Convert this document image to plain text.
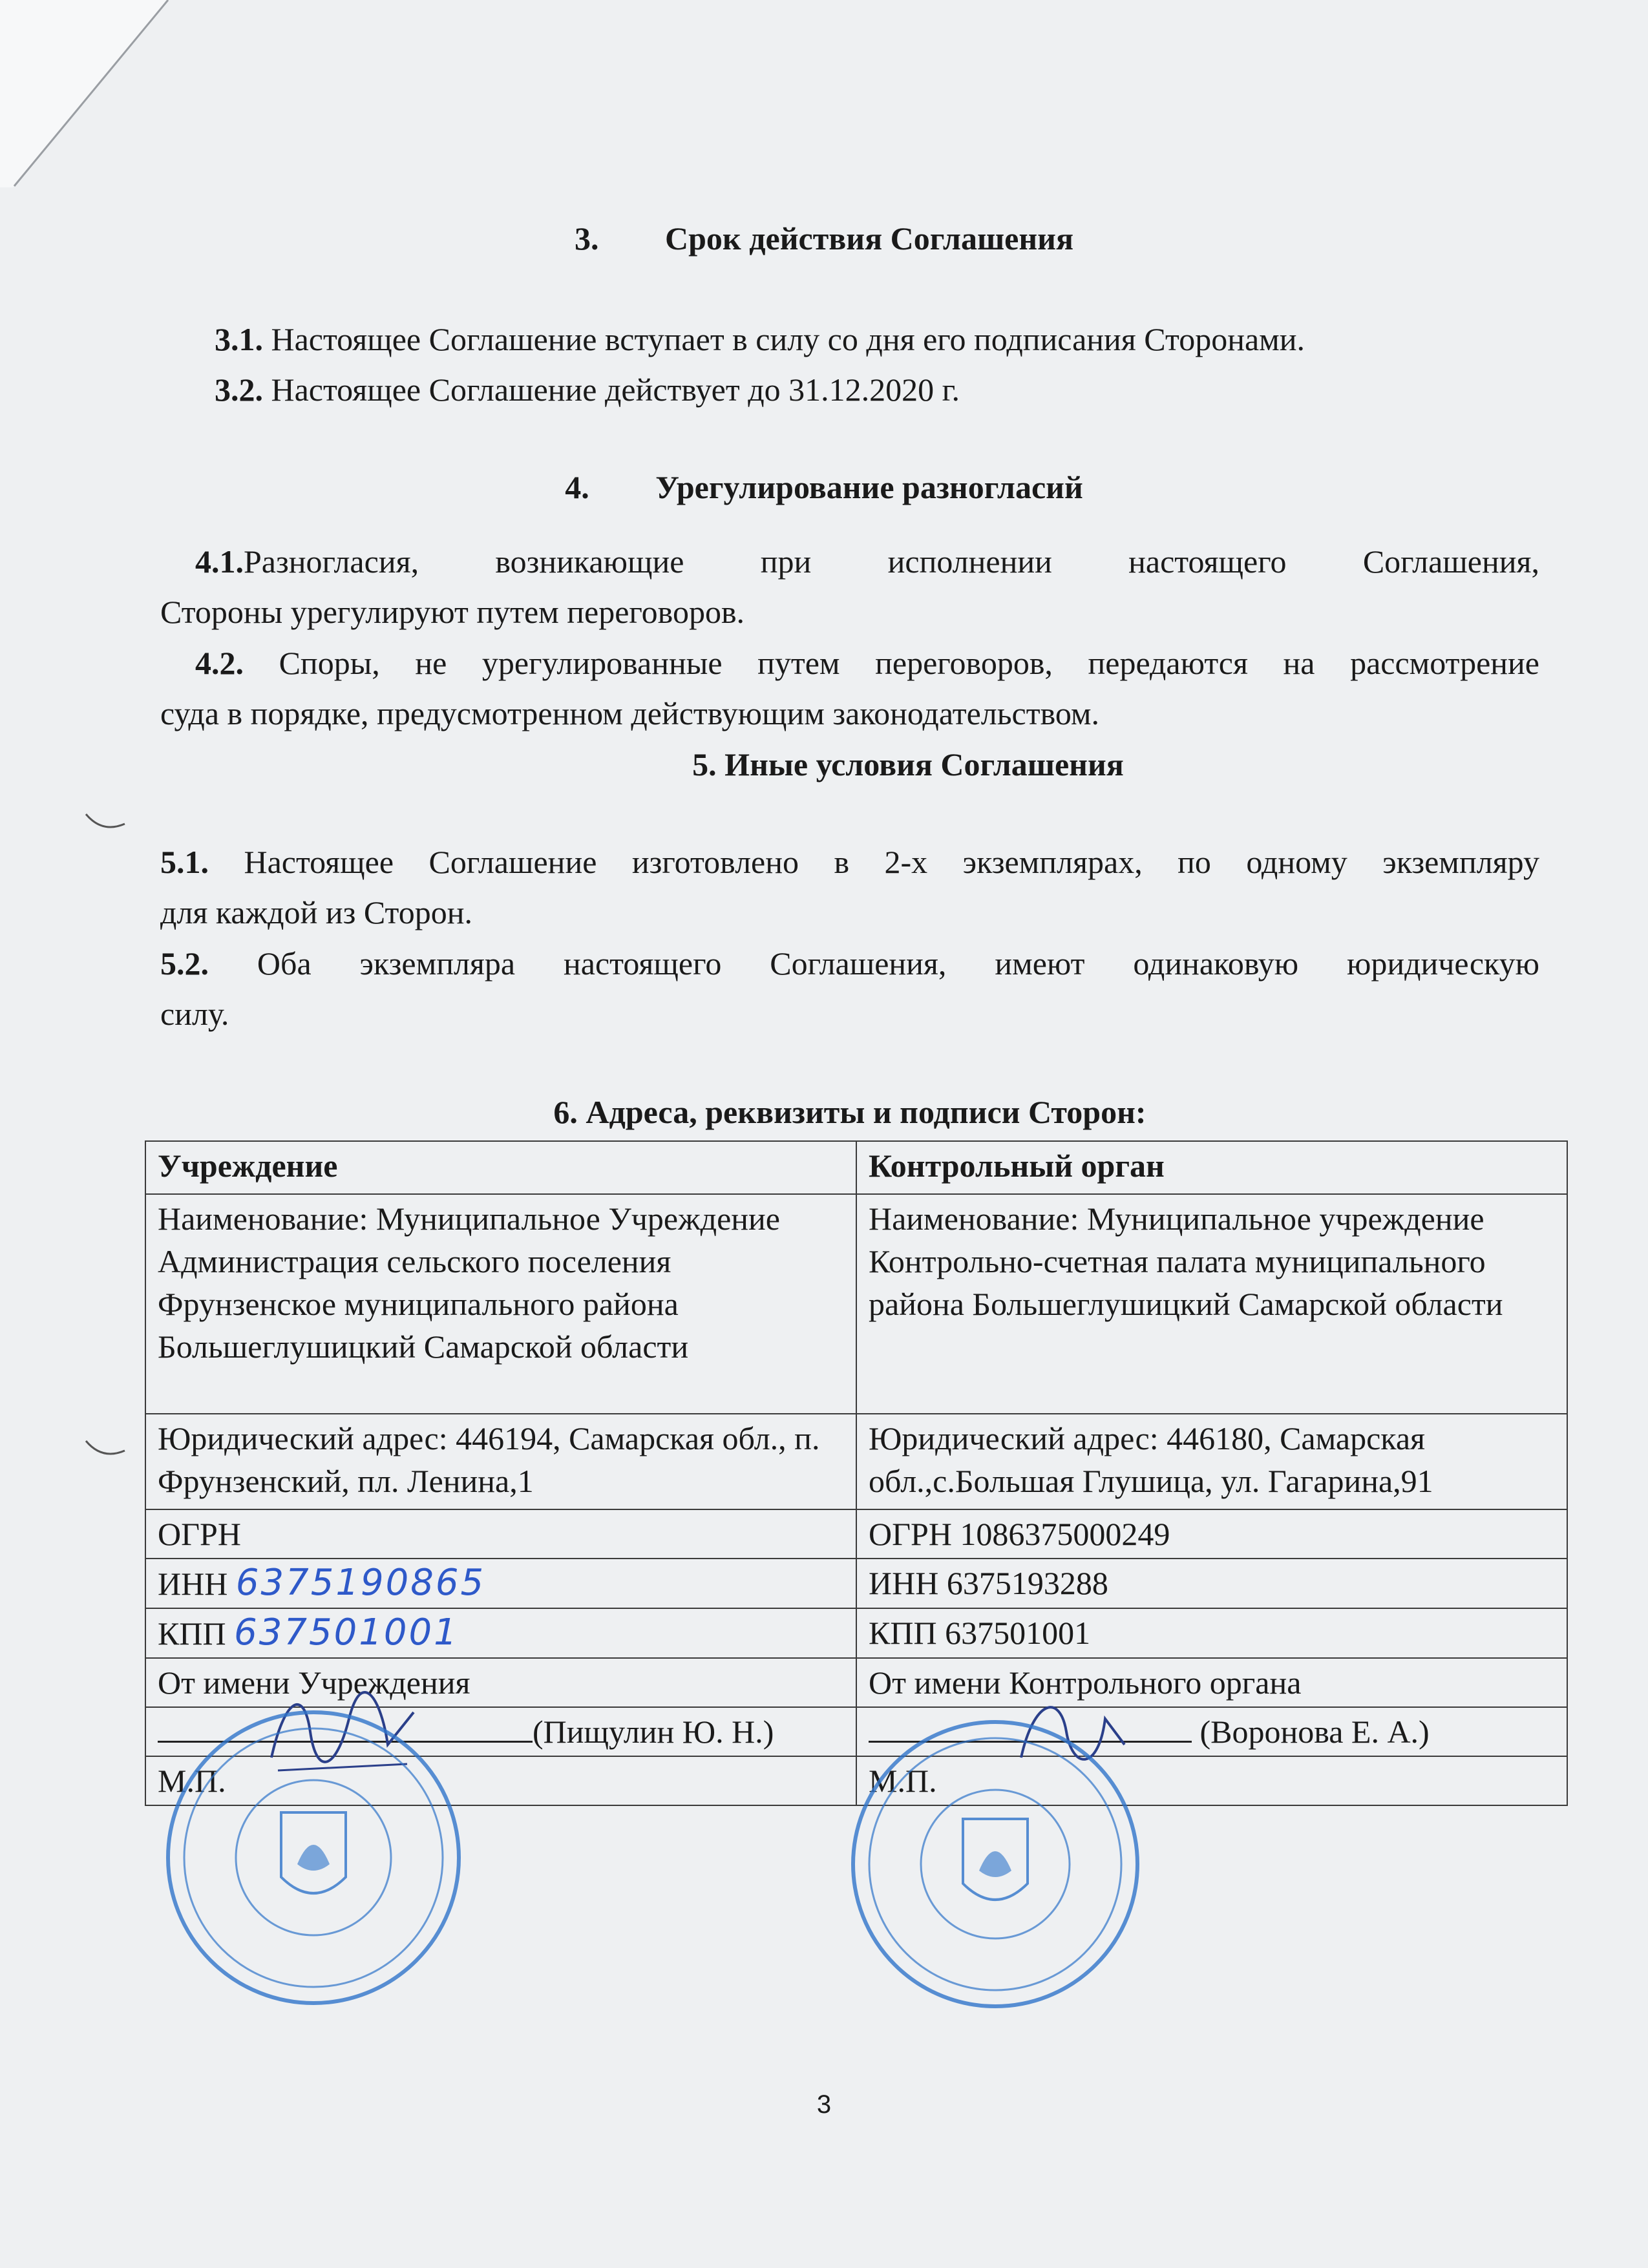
3. Срок действия Соглашения
3.1. Настоящее Соглашение вступает в силу со дня его подписания Сторонами.
3.2. Настоящее Соглашение действует до 31.12.2020 г.
4. Урегулирование разногласий
4.1.Разногласия, возникающие при исполнении настоящего Соглашения,
Стороны урегулируют путем переговоров.
4.2. Споры, не урегулированные путем переговоров, передаются на рассмотрение
суда в порядке, предусмотренном действующим законодательством.
5. Иные условия Соглашения
5.1. Настоящее Соглашение изготовлено в 2-х экземплярах, по одному экземпляру
для каждой из Сторон.
5.2. Оба экземпляра настоящего Соглашения, имеют одинаковую юридическую
силу.
6. Адреса, реквизиты и подписи Сторон:
Учреждение	Контрольный орган
Наименование: Муниципальное Учреждение Администрация сельского поселения Фрунзенское муниципального района Большеглушицкий Самарской области	Наименование: Муниципальное учреждение Контрольно-счетная палата муниципального района Большеглушицкий Самарской области
Юридический адрес: 446194, Самарская обл., п. Фрунзенский, пл. Ленина,1	Юридический адрес: 446180, Самарская обл.,с.Большая Глушица, ул. Гагарина,91
ОГРН	ОГРН 1086375000249
ИНН 6375190865	ИНН 6375193288
КПП 637501001	КПП 637501001
От имени Учреждения	От имени Контрольного органа
(Пищулин Ю. Н.)	(Воронова Е. А.)
М.П.	М.П.
3
